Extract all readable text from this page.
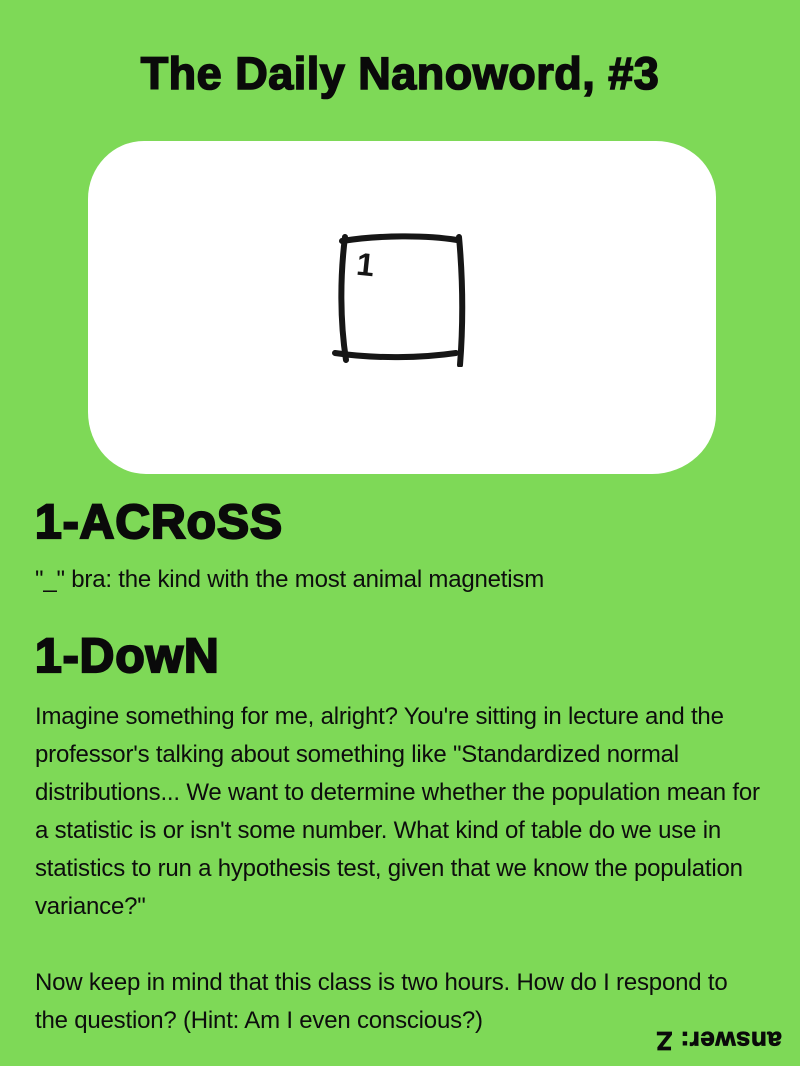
The Daily Nanoword, #3
1
1-ACRoSS

"_" bra: the kind with the most animal magnetism

1-DowN

Imagine something for me, alright? You're sitting in lecture and the professor's talking about something like "Standardized normal distributions... We want to determine whether the population mean for a statistic is or isn't some number. What kind of table do we use in statistics to run a hypothesis test, given that we know the population variance?"

Now keep in mind that this class is two hours. How do I respond to the question? (Hint: Am I even conscious?)

answer: Z
